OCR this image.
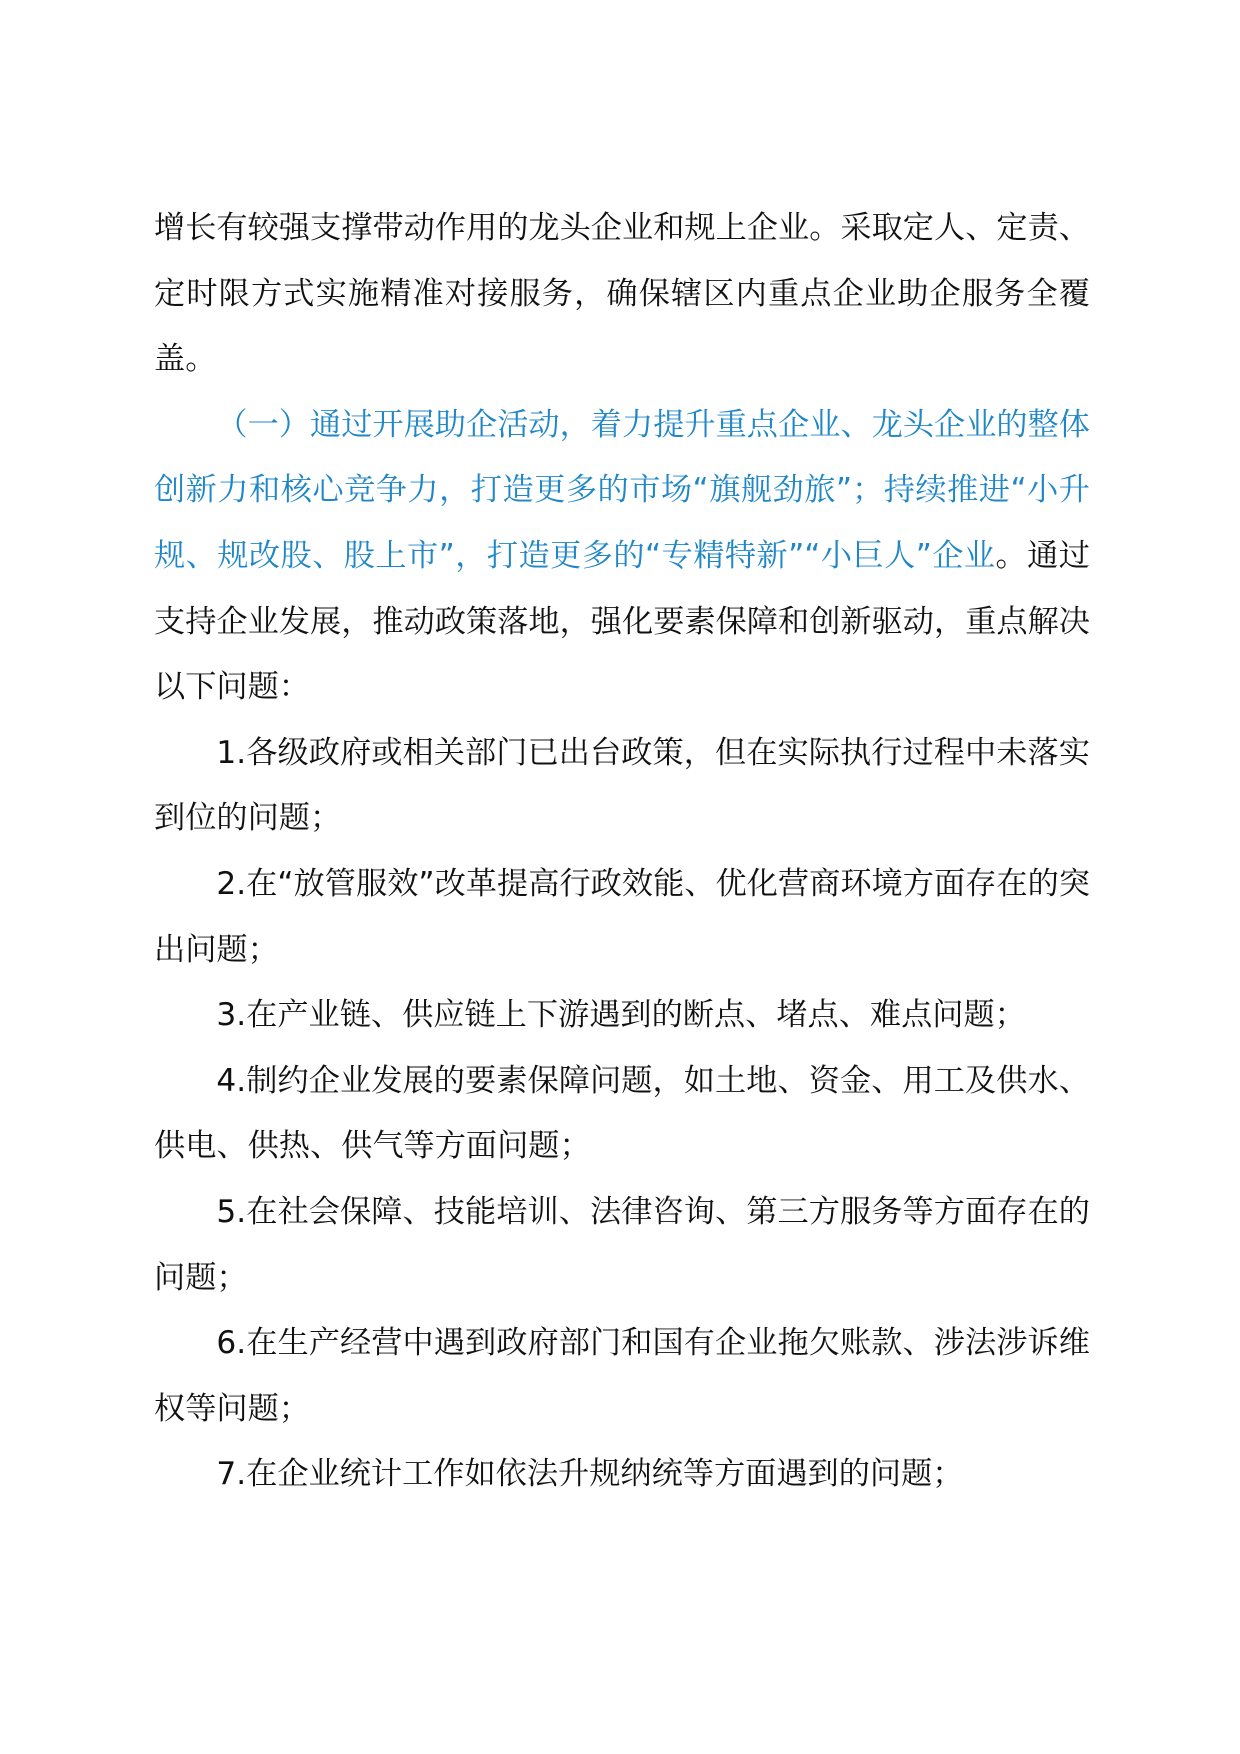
增长有较强支撑带动作用的龙头企业和规上企业。采取定人、定责、定时限方式实施精准对接服务，确保辖区内重点企业助企服务全覆盖。

（一）通过开展助企活动，着力提升重点企业、龙头企业的整体创新力和核心竞争力，打造更多的市场“旗舰劲旅”；持续推进“小升规、规改股、股上市”，打造更多的“专精特新”“小巨人”企业。通过支持企业发展，推动政策落地，强化要素保障和创新驱动，重点解决以下问题：

1.各级政府或相关部门已出台政策，但在实际执行过程中未落实到位的问题；

2.在“放管服效”改革提高行政效能、优化营商环境方面存在的突出问题；

3.在产业链、供应链上下游遇到的断点、堵点、难点问题；

4.制约企业发展的要素保障问题，如土地、资金、用工及供水、供电、供热、供气等方面问题；

5.在社会保障、技能培训、法律咨询、第三方服务等方面存在的问题；

6.在生产经营中遇到政府部门和国有企业拖欠账款、涉法涉诉维权等问题；

7.在企业统计工作如依法升规纳统等方面遇到的问题；
